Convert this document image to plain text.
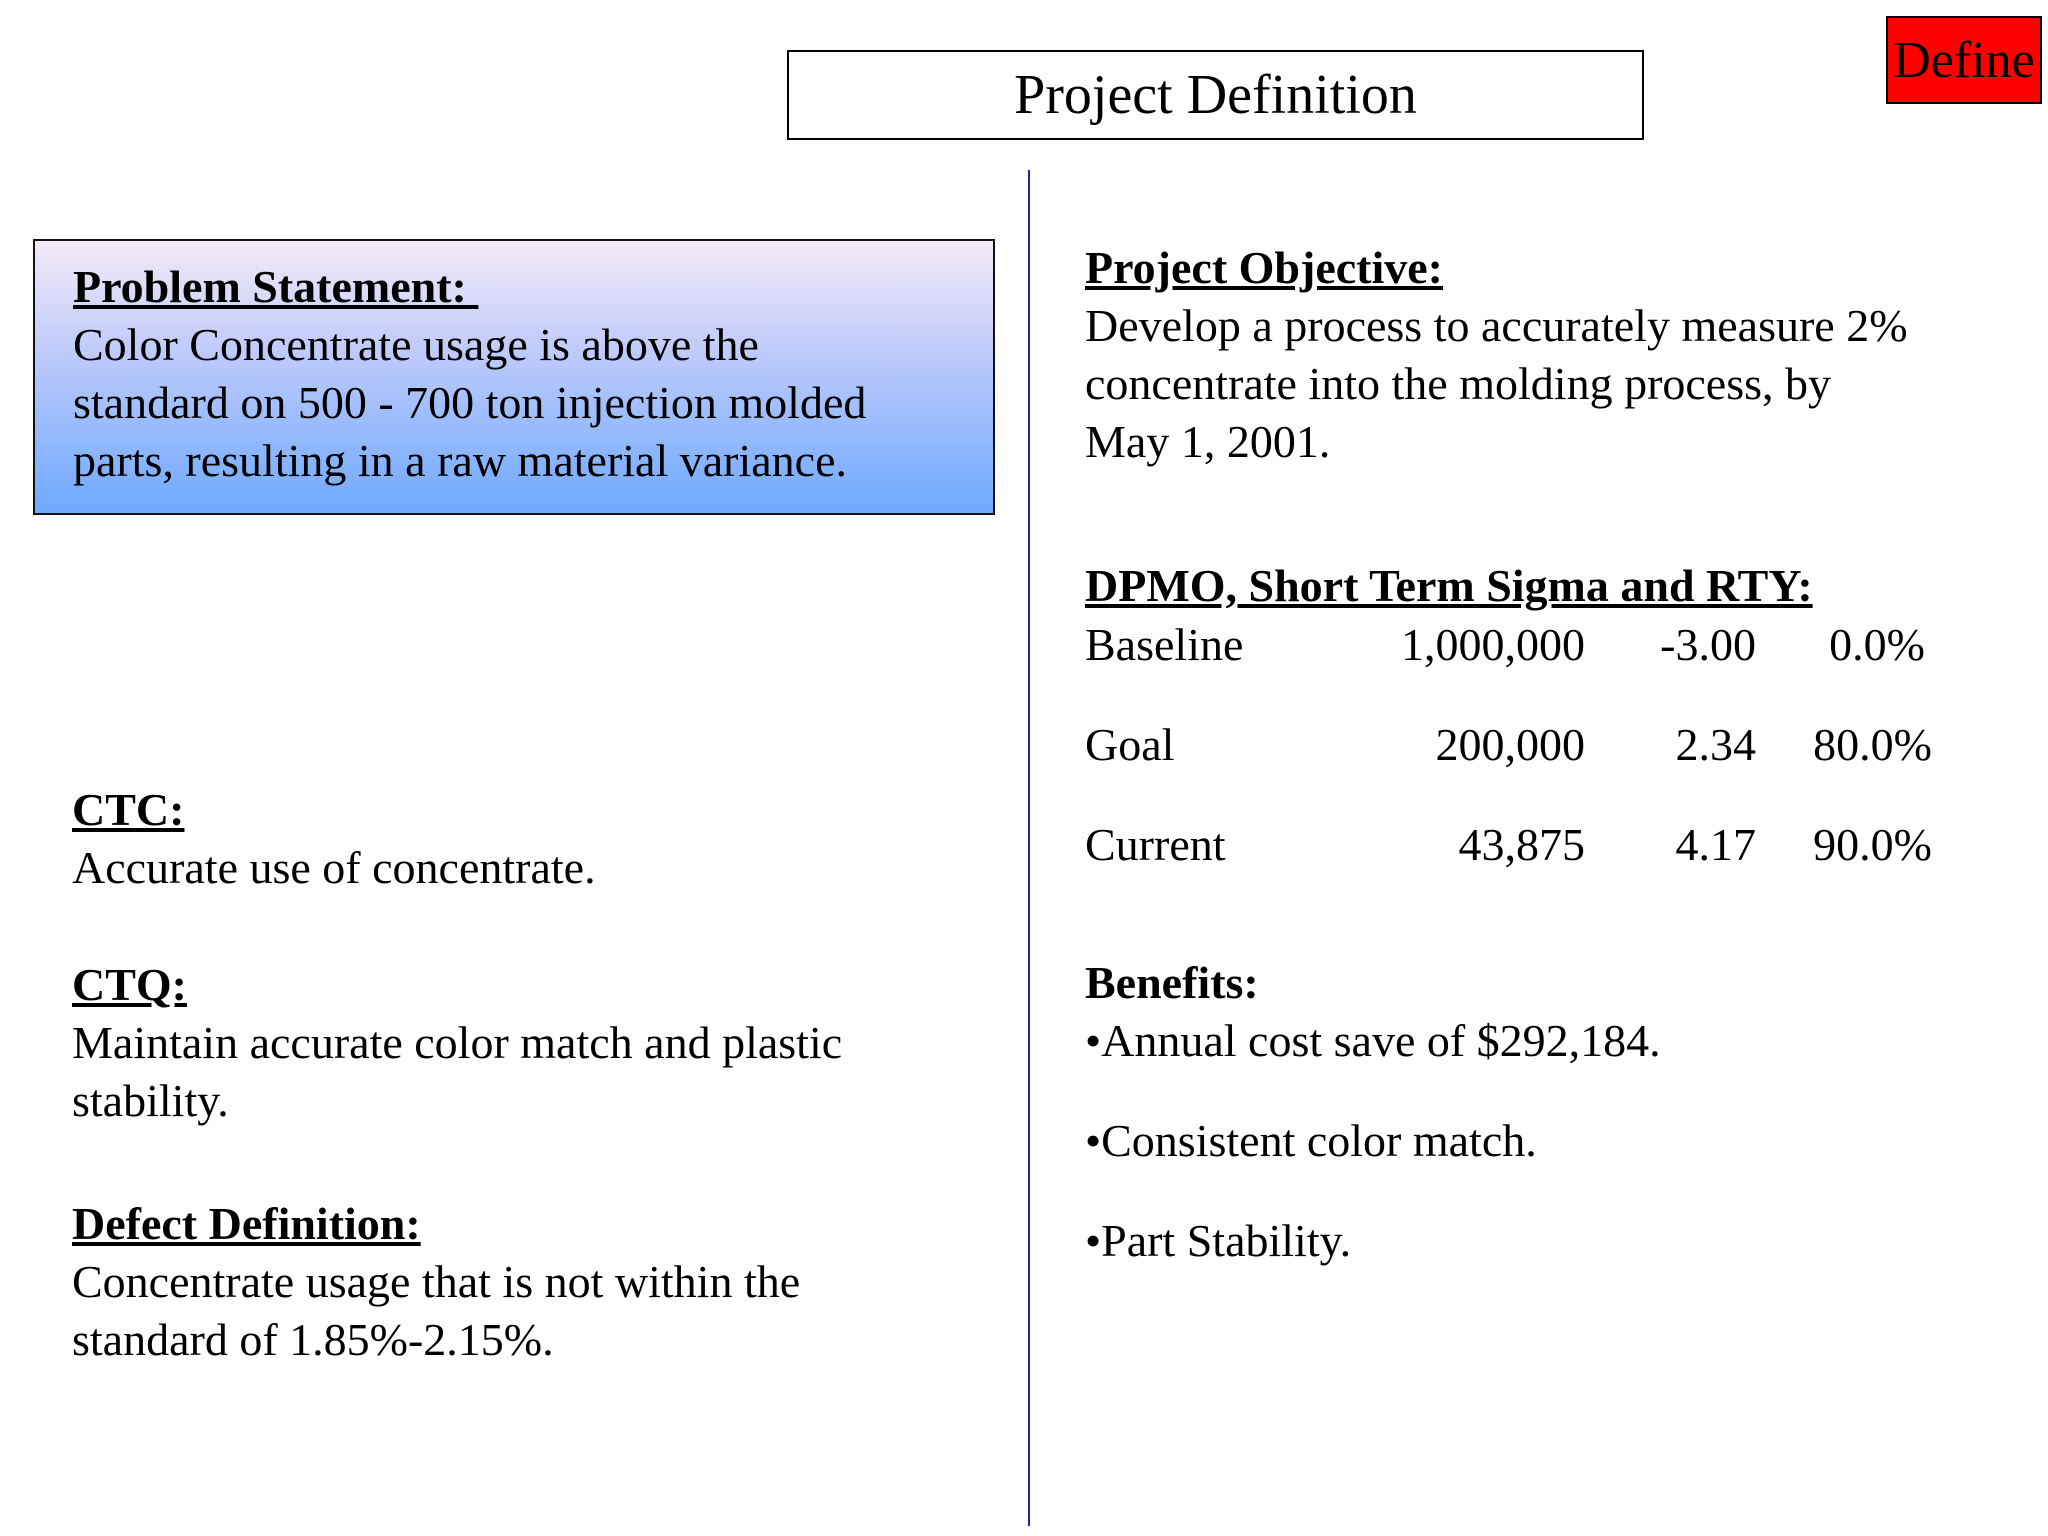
Project Definition
Define
Problem Statement:
Color Concentrate usage is above the
standard on 500 - 700 ton injection molded
parts, resulting in a raw material variance.
CTC:
Accurate use of concentrate.
CTQ:
Maintain accurate color match and plastic
stability.
Defect Definition:
Concentrate usage that is not within the
standard of 1.85%-2.15%.
Project Objective:
Develop a process to accurately measure 2%
concentrate into the molding process, by
May 1, 2001.
DPMO, Short Term Sigma and RTY:
Baseline	1,000,000 -3.00 0.0%
Goal	200,000 2.34 80.0%
Current	43,875 4.17 90.0%
Benefits:
•Annual cost save of $292,184.
•Consistent color match.
•Part Stability.
